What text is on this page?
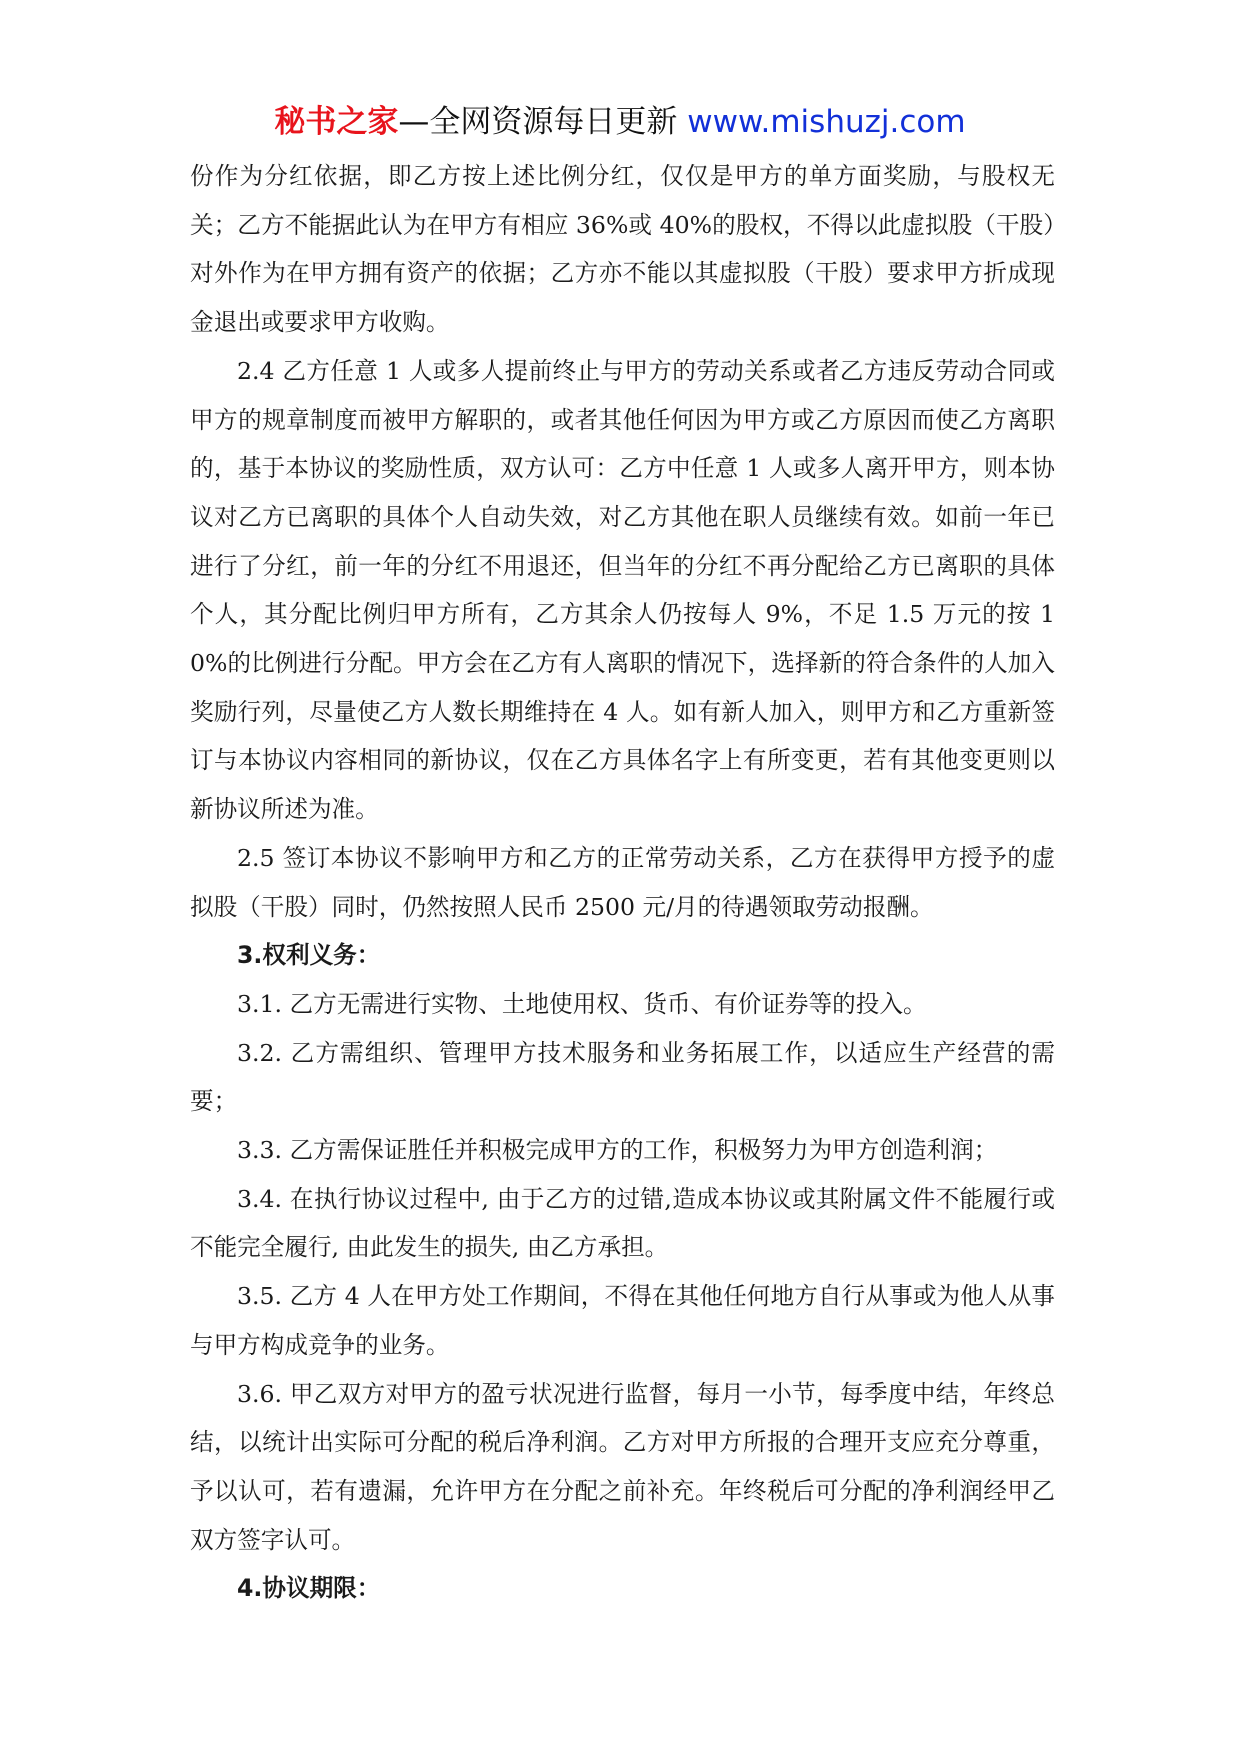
秘书之家—全网资源每日更新 www.mishuzj.com

份作为分红依据，即乙方按上述比例分红，仅仅是甲方的单方面奖励，与股权无关；乙方不能据此认为在甲方有相应 36%或 40%的股权，不得以此虚拟股（干股）对外作为在甲方拥有资产的依据；乙方亦不能以其虚拟股（干股）要求甲方折成现金退出或要求甲方收购。

2.4 乙方任意 1 人或多人提前终止与甲方的劳动关系或者乙方违反劳动合同或甲方的规章制度而被甲方解职的，或者其他任何因为甲方或乙方原因而使乙方离职的，基于本协议的奖励性质，双方认可：乙方中任意 1 人或多人离开甲方，则本协议对乙方已离职的具体个人自动失效，对乙方其他在职人员继续有效。如前一年已进行了分红，前一年的分红不用退还，但当年的分红不再分配给乙方已离职的具体个人，其分配比例归甲方所有，乙方其余人仍按每人 9%，不足 1.5 万元的按 10%的比例进行分配。甲方会在乙方有人离职的情况下，选择新的符合条件的人加入奖励行列，尽量使乙方人数长期维持在 4 人。如有新人加入，则甲方和乙方重新签订与本协议内容相同的新协议，仅在乙方具体名字上有所变更，若有其他变更则以新协议所述为准。

2.5 签订本协议不影响甲方和乙方的正常劳动关系，乙方在获得甲方授予的虚拟股（干股）同时，仍然按照人民币 2500 元/月的待遇领取劳动报酬。

3.权利义务：

3.1. 乙方无需进行实物、土地使用权、货币、有价证券等的投入。

3.2. 乙方需组织、管理甲方技术服务和业务拓展工作，以适应生产经营的需要；

3.3. 乙方需保证胜任并积极完成甲方的工作，积极努力为甲方创造利润；

3.4. 在执行协议过程中, 由于乙方的过错,造成本协议或其附属文件不能履行或不能完全履行, 由此发生的损失, 由乙方承担。

3.5. 乙方 4 人在甲方处工作期间，不得在其他任何地方自行从事或为他人从事与甲方构成竞争的业务。

3.6. 甲乙双方对甲方的盈亏状况进行监督，每月一小节，每季度中结，年终总结，以统计出实际可分配的税后净利润。乙方对甲方所报的合理开支应充分尊重，予以认可，若有遗漏，允许甲方在分配之前补充。年终税后可分配的净利润经甲乙双方签字认可。

4.协议期限：
